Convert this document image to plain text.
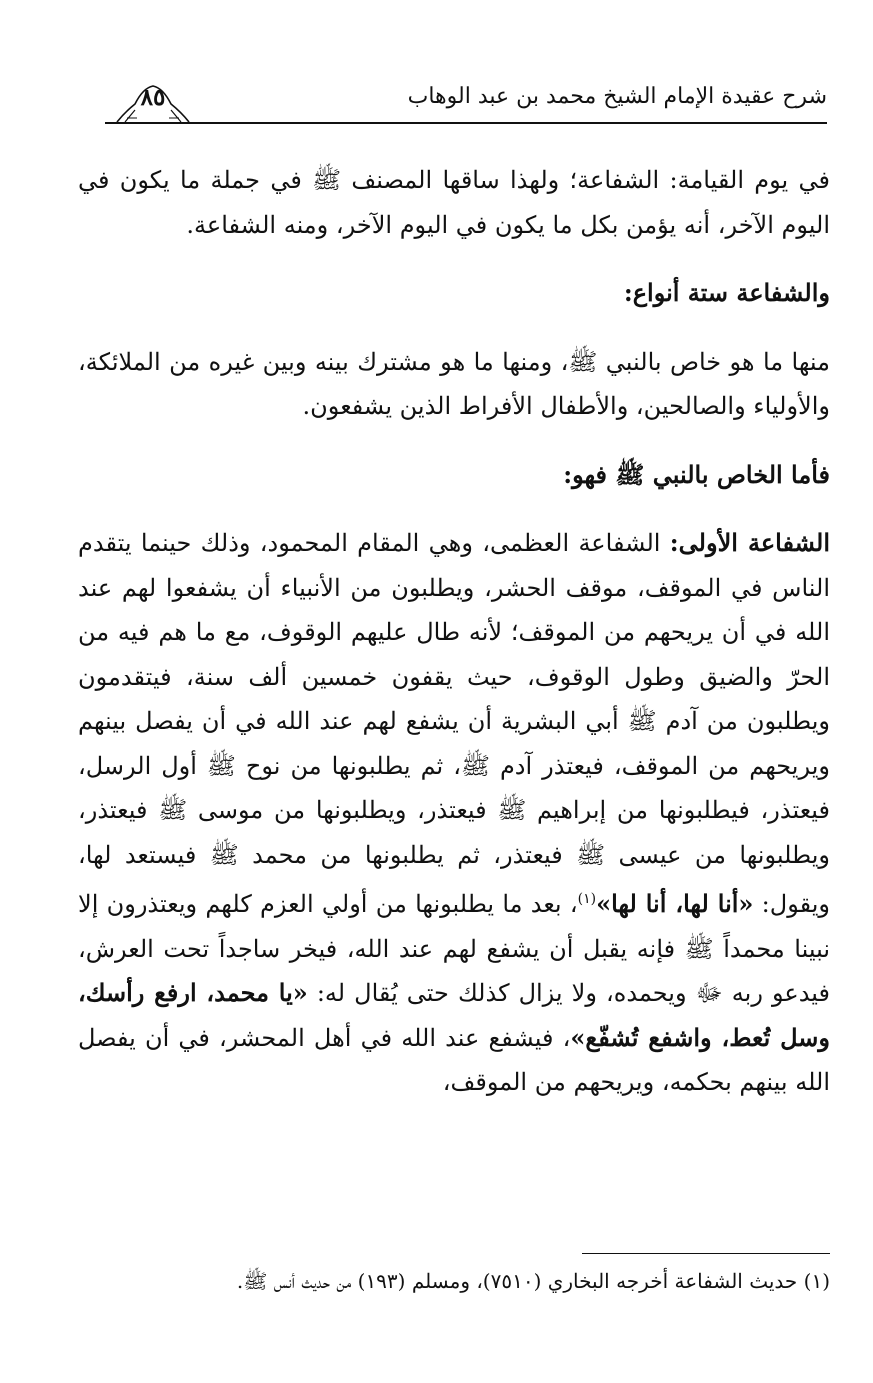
٨٥	شرح عقيدة الإمام الشيخ محمد بن عبد الوهاب

في يوم القيامة: الشفاعة؛ ولهذا ساقها المصنف ﷺ في جملة ما يكون في اليوم الآخر، أنه يؤمن بكل ما يكون في اليوم الآخر، ومنه الشفاعة.

والشفاعة ستة أنواع:

منها ما هو خاص بالنبي ﷺ، ومنها ما هو مشترك بينه وبين غيره من الملائكة، والأولياء والصالحين، والأطفال الأفراط الذين يشفعون.

فأما الخاص بالنبي ﷺ فهو:

الشفاعة الأولى: الشفاعة العظمى، وهي المقام المحمود، وذلك حينما يتقدم الناس في الموقف، موقف الحشر، ويطلبون من الأنبياء أن يشفعوا لهم عند الله في أن يريحهم من الموقف؛ لأنه طال عليهم الوقوف، مع ما هم فيه من الحرّ والضيق وطول الوقوف، حيث يقفون خمسين ألف سنة، فيتقدمون ويطلبون من آدم ﷺ أبي البشرية أن يشفع لهم عند الله في أن يفصل بينهم ويريحهم من الموقف، فيعتذر آدم ﷺ، ثم يطلبونها من نوح ﷺ أول الرسل، فيعتذر، فيطلبونها من إبراهيم ﷺ فيعتذر، ويطلبونها من موسى ﷺ فيعتذر، ويطلبونها من عيسى ﷺ فيعتذر، ثم يطلبونها من محمد ﷺ فيستعد لها، ويقول: «أنا لها، أنا لها»$^{(١)}$، بعد ما يطلبونها من أولي العزم كلهم ويعتذرون إلا نبينا محمداً ﷺ فإنه يقبل أن يشفع لهم عند الله، فيخر ساجداً تحت العرش، فيدعو ربه ﷻ ويحمده، ولا يزال كذلك حتى يُقال له: «يا محمد، ارفع رأسك، وسل تُعط، واشفع تُشفّع»، فيشفع عند الله في أهل المحشر، في أن يفصل الله بينهم بحكمه، ويريحهم من الموقف،

(١) حديث الشفاعة أخرجه البخاري (٧٥١٠)، ومسلم (١٩٣) من حديث أنس ﷺ.
